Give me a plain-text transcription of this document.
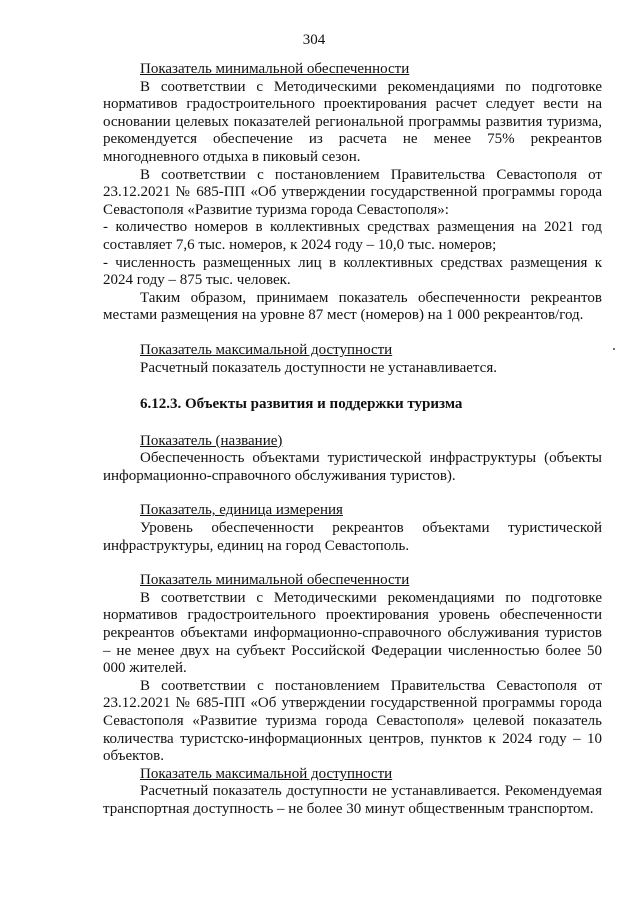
304

Показатель минимальной обеспеченности

В соответствии с Методическими рекомендациями по подготовке нормативов градостроительного проектирования расчет следует вести на основании целевых показателей региональной программы развития туризма, рекомендуется обеспечение из расчета не менее 75% рекреантов многодневного отдыха в пиковый сезон.

В соответствии с постановлением Правительства Севастополя от 23.12.2021 № 685-ПП «Об утверждении государственной программы города Севастополя «Развитие туризма города Севастополя»:

- количество номеров в коллективных средствах размещения на 2021 год составляет 7,6 тыс. номеров, к 2024 году – 10,0 тыс. номеров;

- численность размещенных лиц в коллективных средствах размещения к 2024 году – 875 тыс. человек.

Таким образом, принимаем показатель обеспеченности рекреантов местами размещения на уровне 87 мест (номеров) на 1 000 рекреантов/год.

Показатель максимальной доступности

Расчетный показатель доступности не устанавливается.

6.12.3. Объекты развития и поддержки туризма

Показатель (название)

Обеспеченность объектами туристической инфраструктуры (объекты информационно-справочного обслуживания туристов).

Показатель, единица измерения

Уровень обеспеченности рекреантов объектами туристической инфраструктуры, единиц на город Севастополь.

Показатель минимальной обеспеченности

В соответствии с Методическими рекомендациями по подготовке нормативов градостроительного проектирования уровень обеспеченности рекреантов объектами информационно-справочного обслуживания туристов – не менее двух на субъект Российской Федерации численностью более 50 000 жителей.

В соответствии с постановлением Правительства Севастополя от 23.12.2021 № 685-ПП «Об утверждении государственной программы города Севастополя «Развитие туризма города Севастополя» целевой показатель количества туристско-информационных центров, пунктов к 2024 году – 10 объектов.

Показатель максимальной доступности

Расчетный показатель доступности не устанавливается. Рекомендуемая транспортная доступность – не более 30 минут общественным транспортом.
